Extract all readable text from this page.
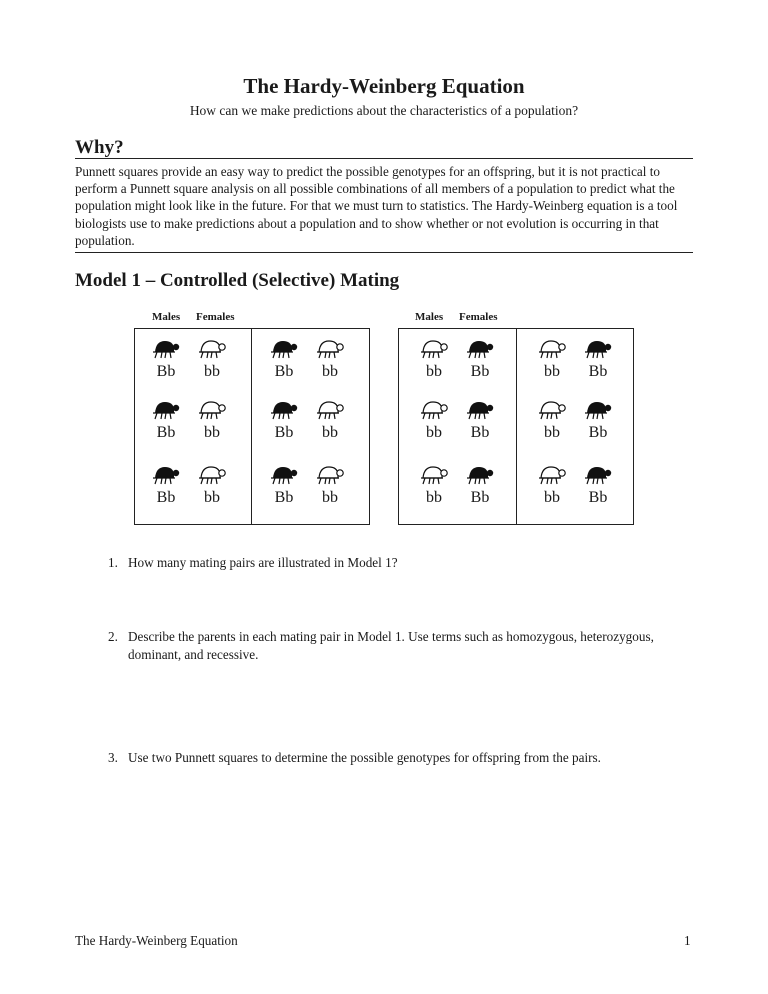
The Hardy-Weinberg Equation
How can we make predictions about the characteristics of a population?
Why?
Punnett squares provide an easy way to predict the possible genotypes for an offspring, but it is not practical to perform a Punnett square analysis on all possible combinations of all members of a population to predict what the population might look like in the future. For that we must turn to statistics. The Hardy-Weinberg equation is a tool biologists use to make predictions about a population and to show whether or not evolution is occurring in that population.
Model 1 – Controlled (Selective) Mating
Males Females	Males Females
Bb	bb	Bb	bb
Bb	bb	Bb	bb
Bb	bb	Bb	bb
bb	Bb	bb	Bb
bb	Bb	bb	Bb
bb	Bb	bb	Bb
1. How many mating pairs are illustrated in Model 1?
2. Describe the parents in each mating pair in Model 1. Use terms such as homozygous, heterozygous, dominant, and recessive.
3. Use two Punnett squares to determine the possible genotypes for offspring from the pairs.
The Hardy-Weinberg Equation	1
